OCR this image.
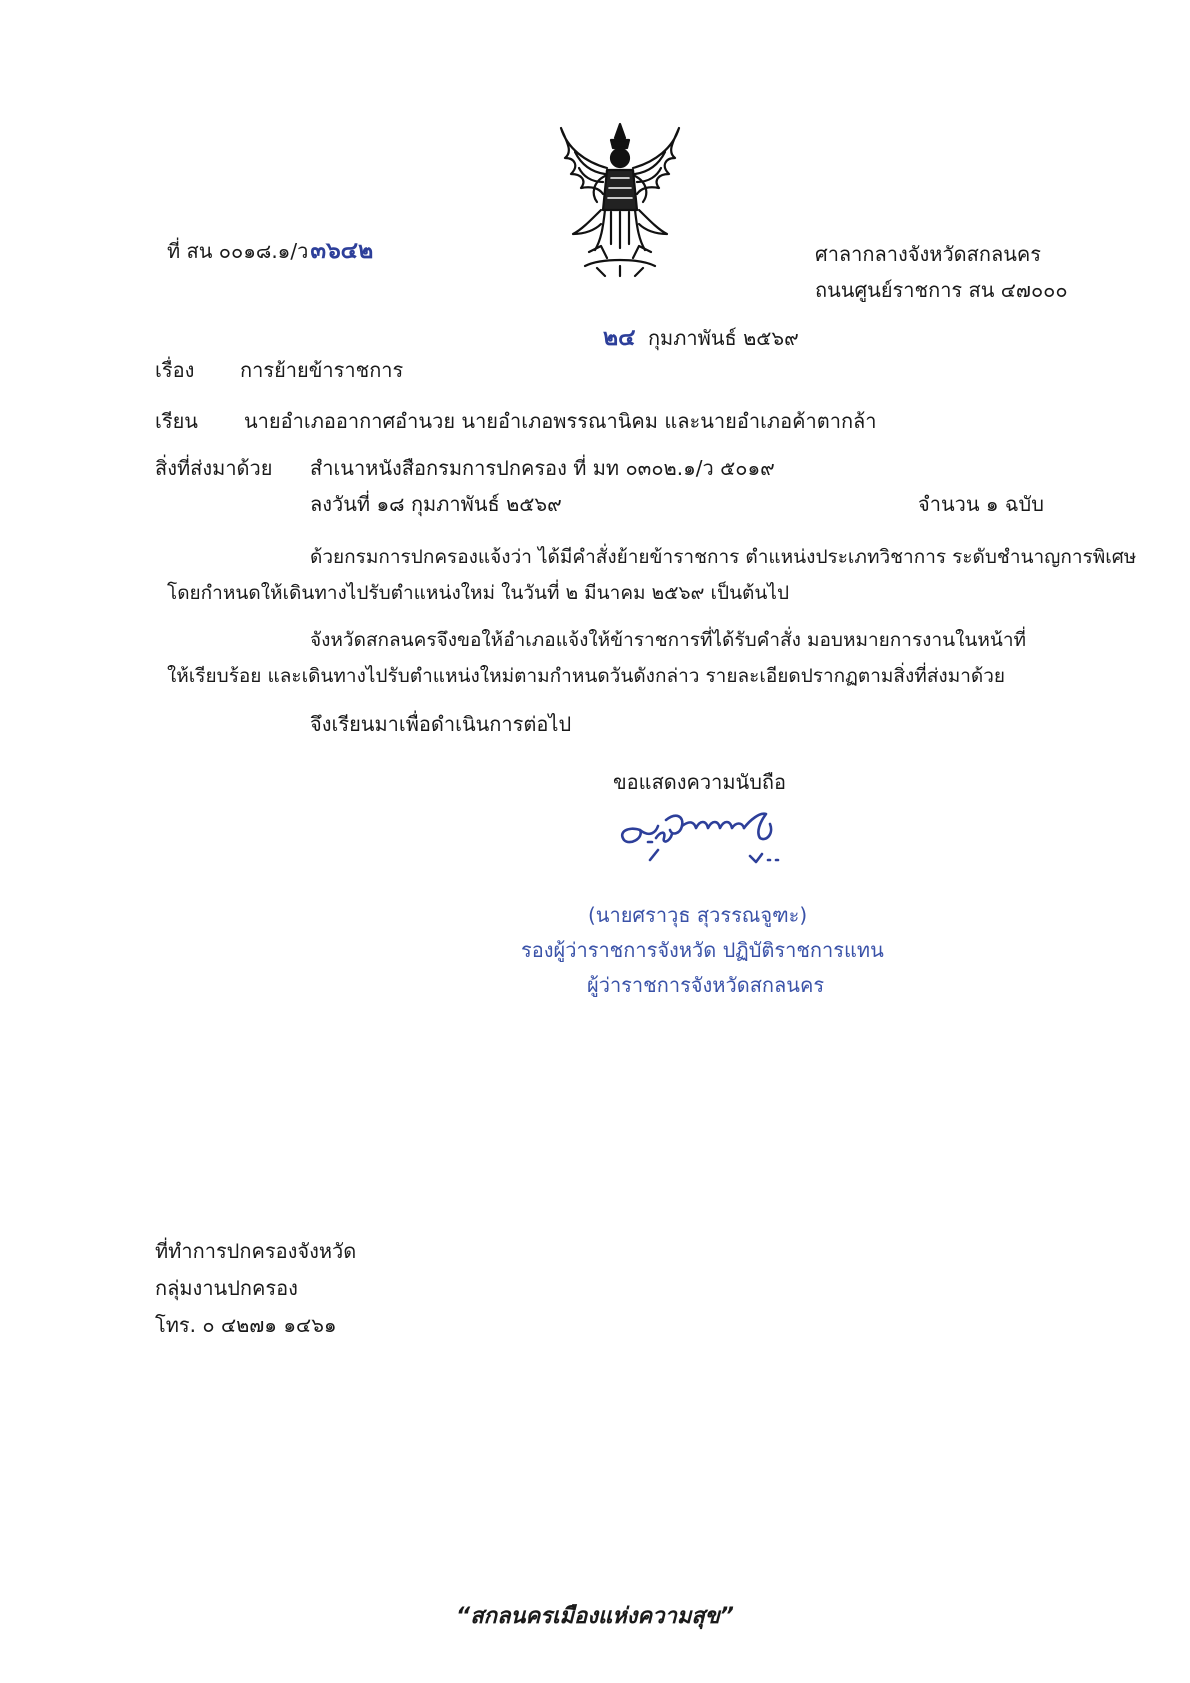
ที่ สน ๐๐๑๘.๑/ว๓๖๔๒	ศาลากลางจังหวัดสกลนคร
ถนนศูนย์ราชการ สน ๔๗๐๐๐
๒๔ กุมภาพันธ์ ๒๕๖๙
เรื่อง การย้ายข้าราชการ
เรียน นายอำเภออากาศอำนวย นายอำเภอพรรณานิคม และนายอำเภอค้าตากล้า
สิ่งที่ส่งมาด้วย สำเนาหนังสือกรมการปกครอง ที่ มท ๐๓๐๒.๑/ว ๕๐๑๙
ลงวันที่ ๑๘ กุมภาพันธ์ ๒๕๖๙	จำนวน ๑ ฉบับ
ด้วยกรมการปกครองแจ้งว่า ได้มีคำสั่งย้ายข้าราชการ ตำแหน่งประเภทวิชาการ ระดับชำนาญการพิเศษ
โดยกำหนดให้เดินทางไปรับตำแหน่งใหม่ ในวันที่ ๒ มีนาคม ๒๕๖๙ เป็นต้นไป
จังหวัดสกลนครจึงขอให้อำเภอแจ้งให้ข้าราชการที่ได้รับคำสั่ง มอบหมายการงานในหน้าที่
ให้เรียบร้อย และเดินทางไปรับตำแหน่งใหม่ตามกำหนดวันดังกล่าว รายละเอียดปรากฏตามสิ่งที่ส่งมาด้วย
จึงเรียนมาเพื่อดำเนินการต่อไป
ขอแสดงความนับถือ
(นายศราวุธ สุวรรณจูฑะ)
รองผู้ว่าราชการจังหวัด ปฏิบัติราชการแทน
ผู้ว่าราชการจังหวัดสกลนคร
ที่ทำการปกครองจังหวัด
กลุ่มงานปกครอง
โทร. ๐ ๔๒๗๑ ๑๔๖๑
“สกลนครเมืองแห่งความสุข”
